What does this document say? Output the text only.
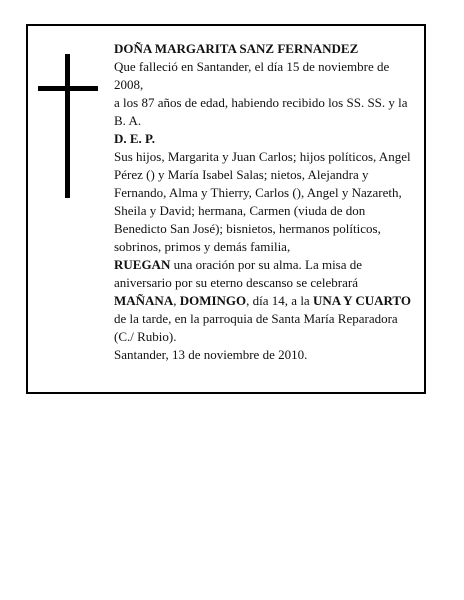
DOÑA MARGARITA SANZ FERNANDEZ

Que falleció en Santander, el día 15 de noviembre de 2008,

a los 87 años de edad, habiendo recibido los SS. SS. y la B. A.

D. E. P.

Sus hijos, Margarita y Juan Carlos; hijos políticos, Angel Pérez () y María Isabel Salas; nietos, Alejandra y Fernando, Alma y Thierry, Carlos (), Angel y Nazareth, Sheila y David; hermana, Carmen (viuda de don Benedicto San José); bisnietos, hermanos políticos, sobrinos, primos y demás familia,

RUEGAN una oración por su alma. La misa de aniversario por su eterno descanso se celebrará MAÑANA, DOMINGO, día 14, a la UNA Y CUARTO de la tarde, en la parroquia de Santa María Reparadora (C./ Rubio).

Santander, 13 de noviembre de 2010.
